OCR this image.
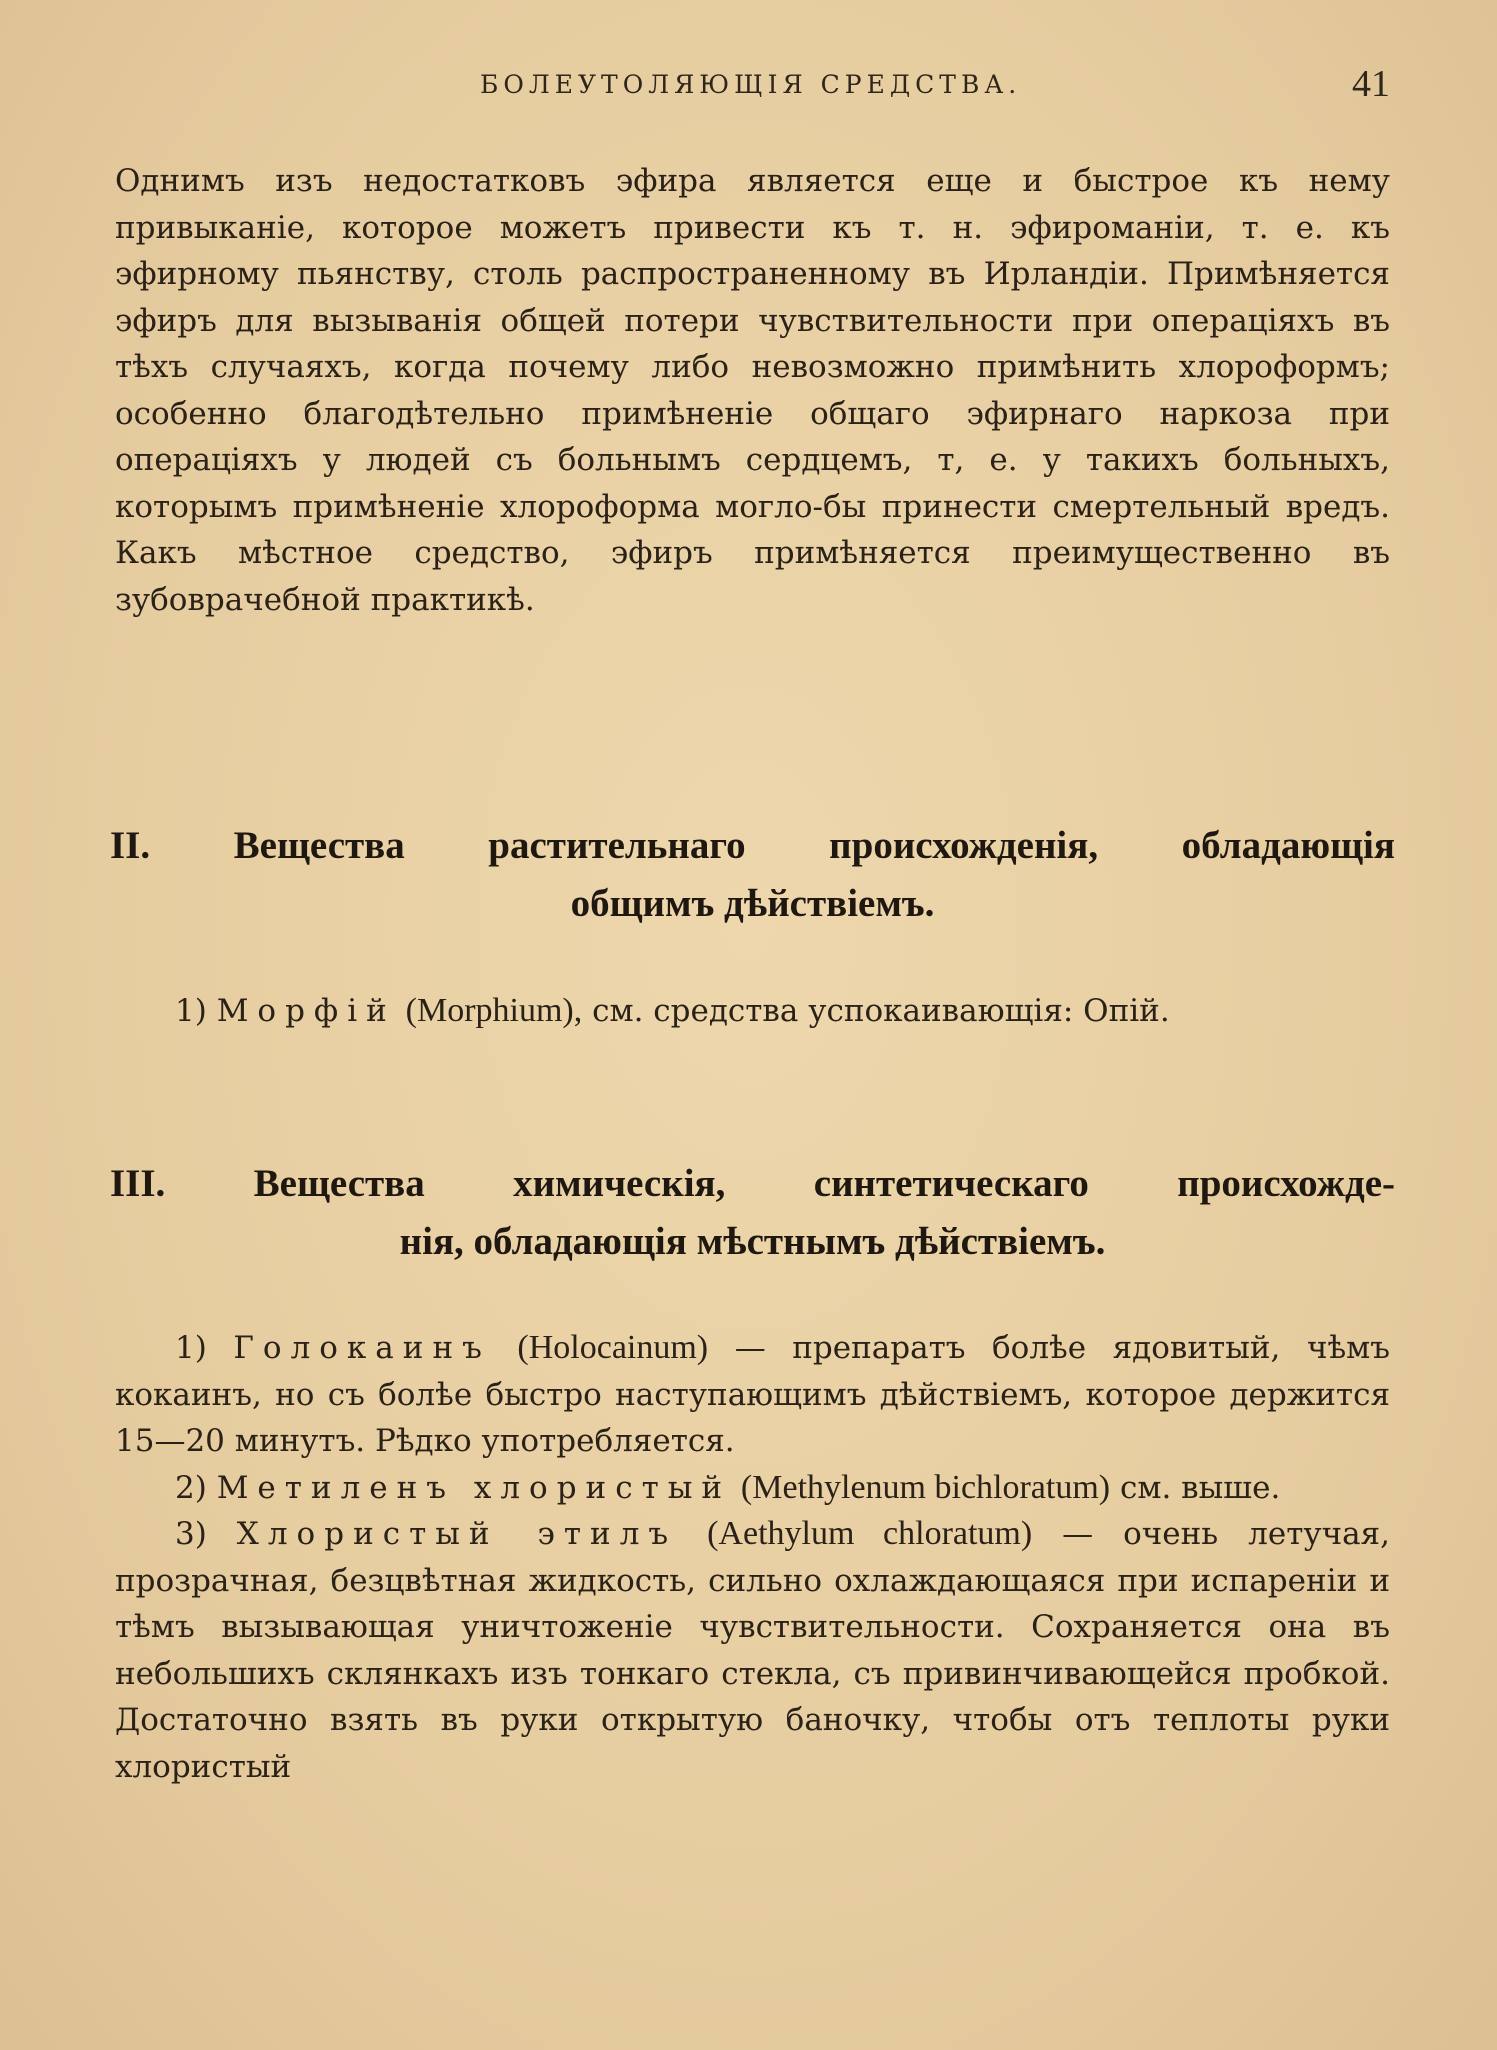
БОЛЕУТОЛЯЮЩІЯ СРЕДСТВА.	41
Однимъ изъ недостатковъ эфира является еще и быстрое къ нему привыканіе, которое можетъ привести къ т. н. эфироманіи, т. е. къ эфирному пьянству, столь распространенному въ Ирландіи. Примѣняется эфиръ для вызыванія общей потери чувствительности при операціяхъ въ тѣхъ случаяхъ, когда почему либо невозможно примѣнить хлороформъ; особенно благодѣтельно примѣненіе общаго эфирнаго наркоза при операціяхъ у людей съ больнымъ сердцемъ, т, е. у такихъ больныхъ, которымъ примѣненіе хлороформа могло-бы принести смертельный вредъ. Какъ мѣстное средство, эфиръ примѣняется преимущественно въ зубоврачебной практикѣ.
II. Вещества растительнаго происхожденія, обладающія
общимъ дѣйствіемъ.
1) Морфій (Morphium), см. средства успокаивающія: Опій.
III. Вещества химическія, синтетическаго происхожде-
нія, обладающія мѣстнымъ дѣйствіемъ.
1) Голокаинъ (Holocainum) — препаратъ болѣе ядовитый, чѣмъ кокаинъ, но съ болѣе быстро наступающимъ дѣйствіемъ, которое держится 15—20 минутъ. Рѣдко употребляется.
2) Метиленъ хлористый (Methylenum bichloratum) см. выше.
3) Хлористый этилъ (Aethylum chloratum) — очень летучая, прозрачная, безцвѣтная жидкость, сильно охлаждающаяся при испареніи и тѣмъ вызывающая уничтоженіе чувствительности. Сохраняется она въ небольшихъ склянкахъ изъ тонкаго стекла, съ привинчивающейся пробкой. Достаточно взять въ руки открытую баночку, чтобы отъ теплоты руки хлористый
